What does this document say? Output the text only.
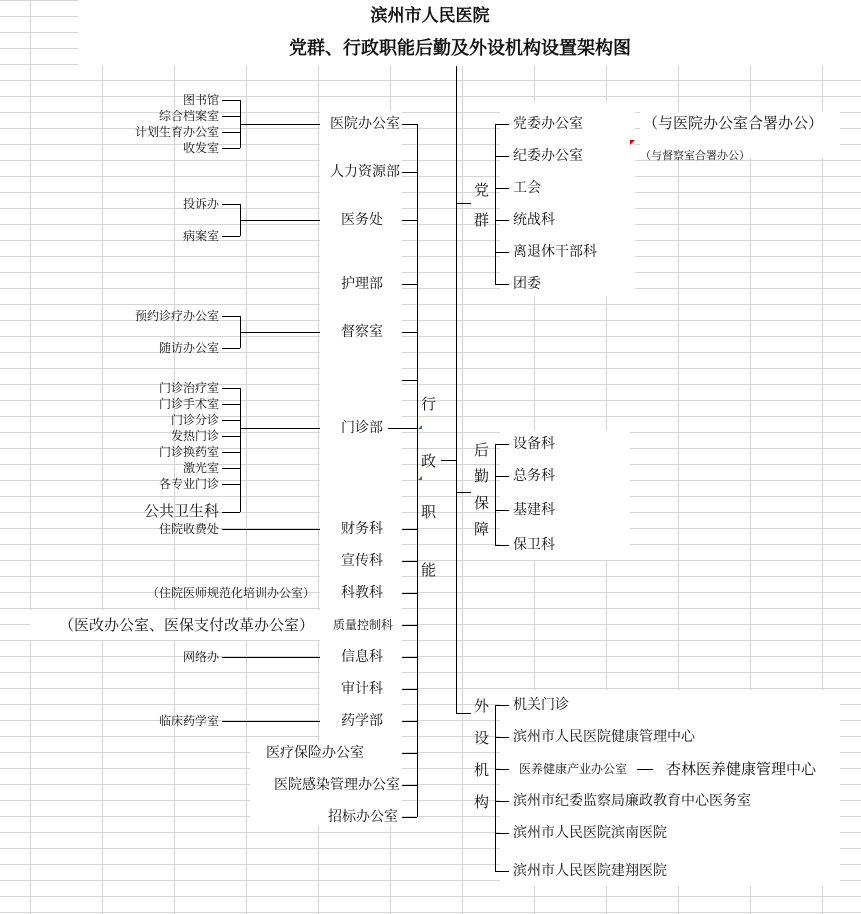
滨州市人民医院
党群、行政职能后勤及外设机构设置架构图
医院办公室
人力资源部
医务处
护理部
督察室
门诊部
财务科
宣传科
科教科
质量控制科
信息科
审计科
药学部
医疗保险办公室
医院感染管理办公室
招标办公室
图书馆
综合档案室
计划生育办公室
收发室
投诉办
病案室
预约诊疗办公室
随访办公室
门诊治疗室
门诊手术室
门诊分诊
发热门诊
门诊换药室
激光室
各专业门诊
公共卫生科
住院收费处
（住院医师规范化培训办公室）
（医改办公室、医保支付改革办公室）
网络办
临床药学室
行
政
职
能
党
群
后
勤
保
障
外
设
机
构
党委办公室
纪委办公室
工会
统战科
离退休干部科
团委
（与医院办公室合署办公）
（与督察室合署办公）
设备科
总务科
基建科
保卫科
机关门诊
滨州市人民医院健康管理中心
医养健康产业办公室
滨州市纪委监察局廉政教育中心医务室
滨州市人民医院滨南医院
滨州市人民医院建翔医院
杏林医养健康管理中心
